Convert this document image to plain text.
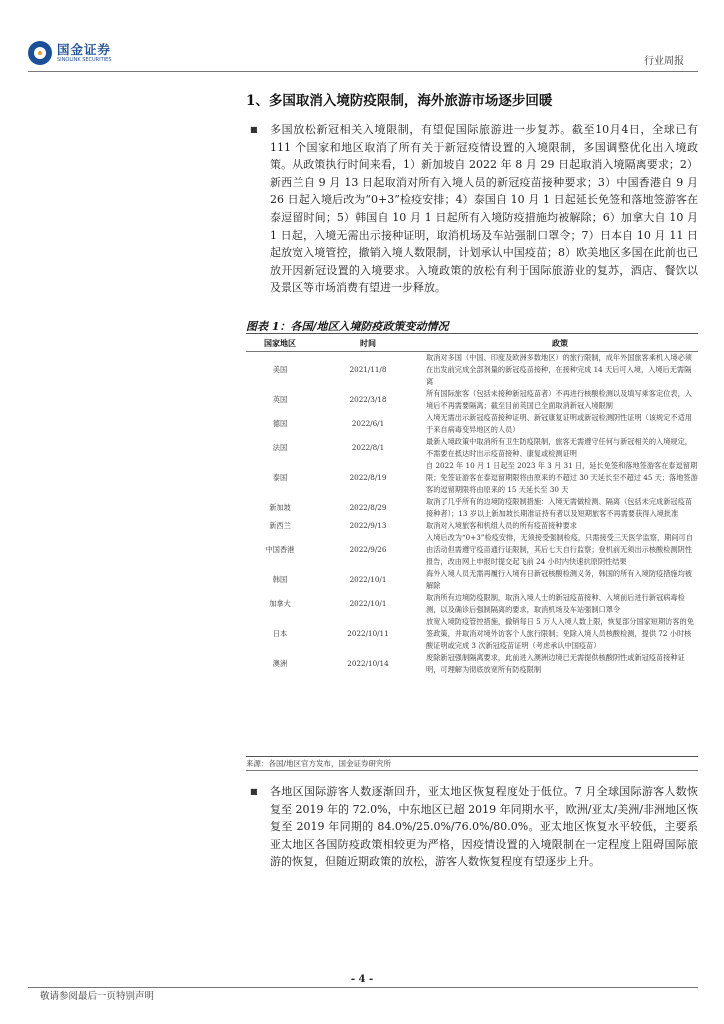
国金证券
SINOLINK SECURITIES	行业周报
1、多国取消入境防疫限制，海外旅游市场逐步回暖
■	多国放松新冠相关入境限制，有望促国际旅游进一步复苏。截至10月4日，全球已有 111 个国家和地区取消了所有关于新冠疫情设置的入境限制，多国调整优化出入境政策。从政策执行时间来看，1）新加坡自 2022 年 8 月 29 日起取消入境隔离要求；2）新西兰自 9 月 13 日起取消对所有入境人员的新冠疫苗接种要求；3）中国香港自 9 月 26 日起入境后改为“0+3”检疫安排；4）泰国自 10 月 1 日起延长免签和落地签游客在泰逗留时间；5）韩国自 10 月 1 日起所有入境防疫措施均被解除；6）加拿大自 10 月 1 日起，入境无需出示接种证明，取消机场及车站强制口罩令；7）日本自 10 月 11 日起放宽入境管控，撤销入境人数限制，计划承认中国疫苗；8）欧美地区多国在此前也已放开因新冠设置的入境要求。入境政策的放松有利于国际旅游业的复苏，酒店、餐饮以及景区等市场消费有望进一步释放。
图表 1：各国/地区入境防疫政策变动情况
国家地区	时间	政策
美国	2021/11/8	取消对多国（中国、印度及欧洲多数地区）的旅行限制，成年外国旅客乘机入境必须在出发前完成全部剂量的新冠疫苗接种，在接种完成 14 天后可入境，入境后无需隔离
英国	2022/3/18	所有国际旅客（包括未接种新冠疫苗者）不再进行核酸检测以及填写乘客定位表，入境后不再需要隔离；截至目前英国已全面取消新冠入境限制
德国	2022/6/1	入境无需出示新冠疫苗接种证明、新冠康复证明或新冠检测阴性证明（该规定不适用于来自病毒变异地区的人员）
法国	2022/8/1	最新入境政策中取消所有卫生防疫限制，旅客无需遵守任何与新冠相关的入境规定，不需要在抵达时出示疫苗接种、康复或检测证明
泰国	2022/8/19	自 2022 年 10 月 1 日起至 2023 年 3 月 31 日，延长免签和落地签游客在泰逗留期限；免签证游客在泰逗留期限将由原来的不超过 30 天延长至不超过 45 天；落地签游客的逗留期限将由原来的 15 天延长至 30 天
新加坡	2022/8/29	取消了几乎所有的边境防疫限制措施：入境无需做检测、隔离（包括未完成新冠疫苗接种者）；13 岁以上新加坡长期准证持有者以及短期旅客不再需要获得入境批准
新西兰	2022/9/13	取消对入境旅客和机组人员的所有疫苗接种要求
中国香港	2022/9/26	入境后改为“0+3”检疫安排，无须接受强制检疫，只需接受三天医学监察，期间可自由活动但需遵守疫苗通行证限制，其后七天自行监察；登机前无须出示核酸检测阴性报告，改由网上申报时提交起飞前 24 小时内快速抗原阴性结果
韩国	2022/10/1	海外入境人员无需再履行入境有日新冠核酸检测义务，韩国的所有入境防疫措施均被解除
加拿大	2022/10/1	取消所有边境防疫限制，取消入境人士的新冠疫苗接种、入境前后进行新冠病毒检测，以及确诊后强制隔离的要求，取消机场及车站强制口罩令
日本	2022/10/11	放宽入境防疫管控措施，撤销每日 5 万人入境人数上限，恢复部分国家短期访客的免签政策，并取消对境外访客个人旅行限制；免除入境人员核酸检测，提供 72 小时核酸证明或完成 3 次新冠疫苗证明（考虑承认中国疫苗）
澳洲	2022/10/14	废除新冠强制隔离要求，此前进入澳洲边境已无需提供核酸阴性或新冠疫苗接种证明，可理解为彻底放宽所有防疫限制
来源：各国/地区官方发布，国金证券研究所
■	各地区国际游客人数逐渐回升，亚太地区恢复程度处于低位。7 月全球国际游客人数恢复至 2019 年的 72.0%，中东地区已超 2019 年同期水平，欧洲/亚太/美洲/非洲地区恢复至 2019 年同期的 84.0%/25.0%/76.0%/80.0%。亚太地区恢复水平较低，主要系亚太地区各国防疫政策相较更为严格，因疫情设置的入境限制在一定程度上阻碍国际旅游的恢复，但随近期政策的放松，游客人数恢复程度有望逐步上升。
- 4 -
敬请参阅最后一页特别声明
